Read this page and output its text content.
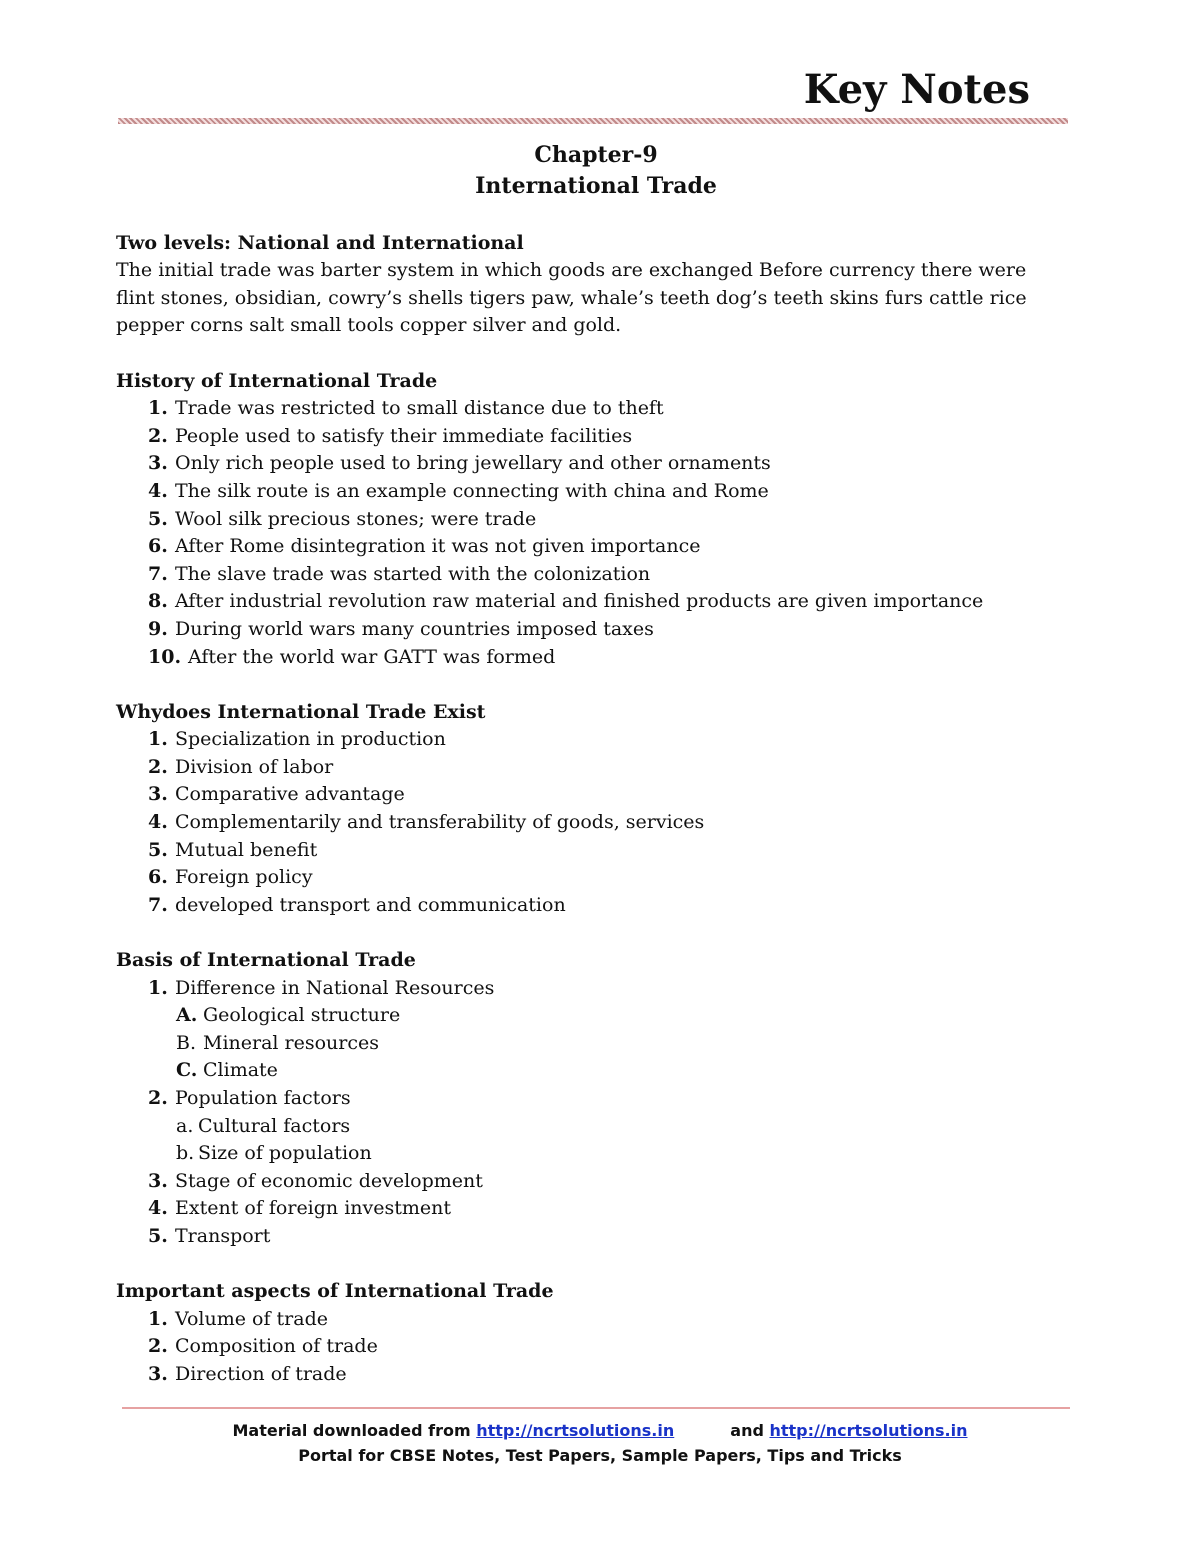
Key Notes

Chapter-9

International Trade

Two levels: National and International

The initial trade was barter system in which goods are exchanged Before currency there were

flint stones, obsidian, cowry’s shells tigers paw, whale’s teeth dog’s teeth skins furs cattle rice

pepper corns salt small tools copper silver and gold.

History of International Trade

1. Trade was restricted to small distance due to theft
2. People used to satisfy their immediate facilities
3. Only rich people used to bring jewellary and other ornaments
4. The silk route is an example connecting with china and Rome
5. Wool silk precious stones; were trade
6. After Rome disintegration it was not given importance
7. The slave trade was started with the colonization
8. After industrial revolution raw material and finished products are given importance
9. During world wars many countries imposed taxes
10. After the world war GATT was formed

Whydoes International Trade Exist

1. Specialization in production
2. Division of labor
3. Comparative advantage
4. Complementarily and transferability of goods, services
5. Mutual benefit
6. Foreign policy
7. developed transport and communication

Basis of International Trade

1. Difference in National Resources
A. Geological structure
B. Mineral resources
C. Climate
2. Population factors
a. Cultural factors
b. Size of population
3. Stage of economic development
4. Extent of foreign investment
5. Transport

Important aspects of International Trade

1. Volume of trade
2. Composition of trade
3. Direction of trade
Material downloaded from http://ncrtsolutions.in	and http://ncrtsolutions.in
Portal for CBSE Notes, Test Papers, Sample Papers, Tips and Tricks
